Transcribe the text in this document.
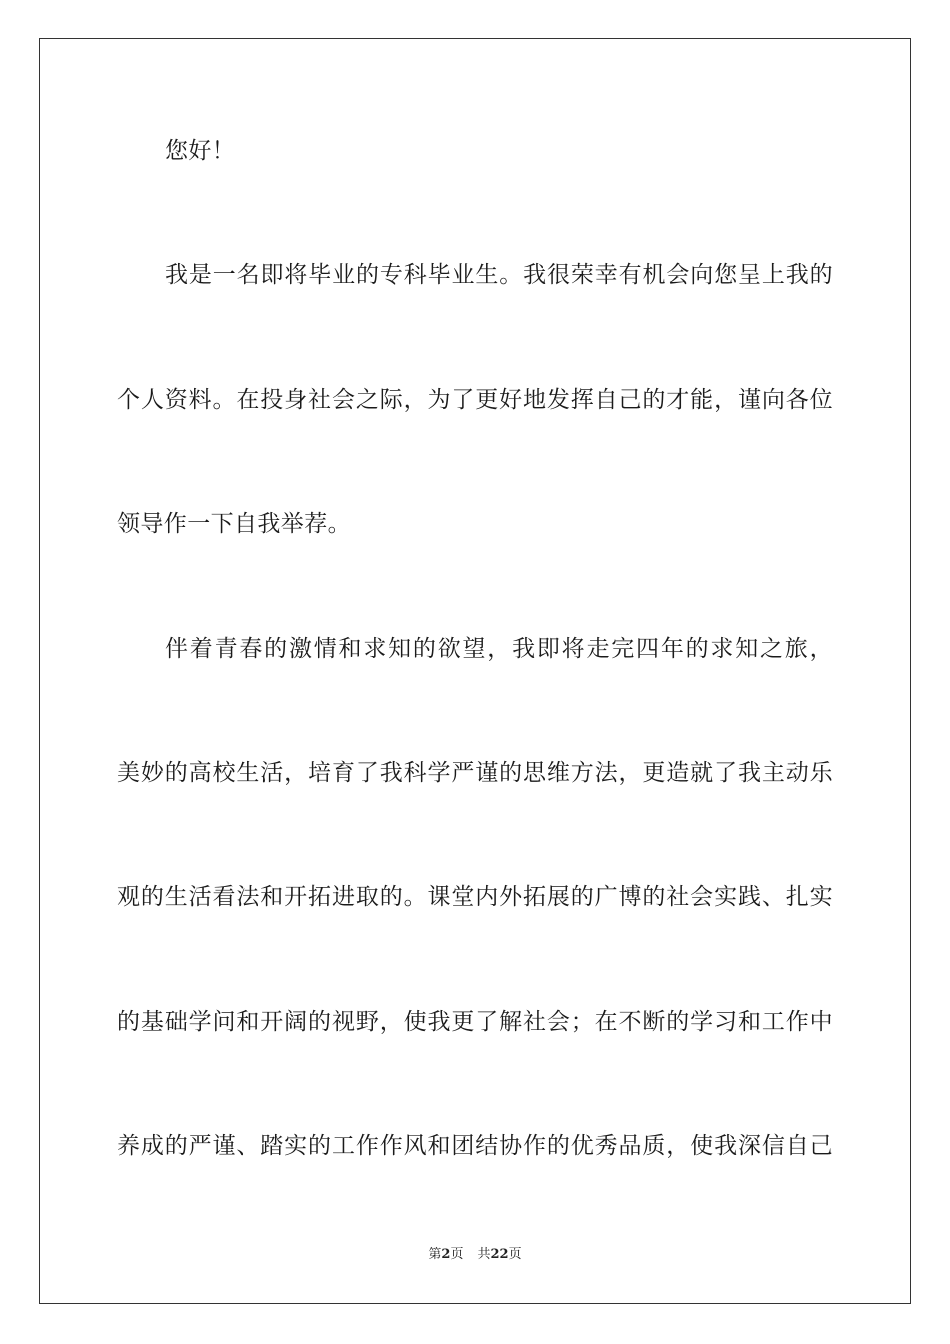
您好！
我是一名即将毕业的专科毕业生。我很荣幸有机会向您呈上我的
个人资料。在投身社会之际，为了更好地发挥自己的才能，谨向各位
领导作一下自我举荐。
伴着青春的激情和求知的欲望，我即将走完四年的求知之旅，
美妙的高校生活，培育了我科学严谨的思维方法，更造就了我主动乐
观的生活看法和开拓进取的。课堂内外拓展的广博的社会实践、扎实
的基础学问和开阔的视野，使我更了解社会；在不断的学习和工作中
养成的严谨、踏实的工作作风和团结协作的优秀品质，使我深信自己
第2页 共22页
